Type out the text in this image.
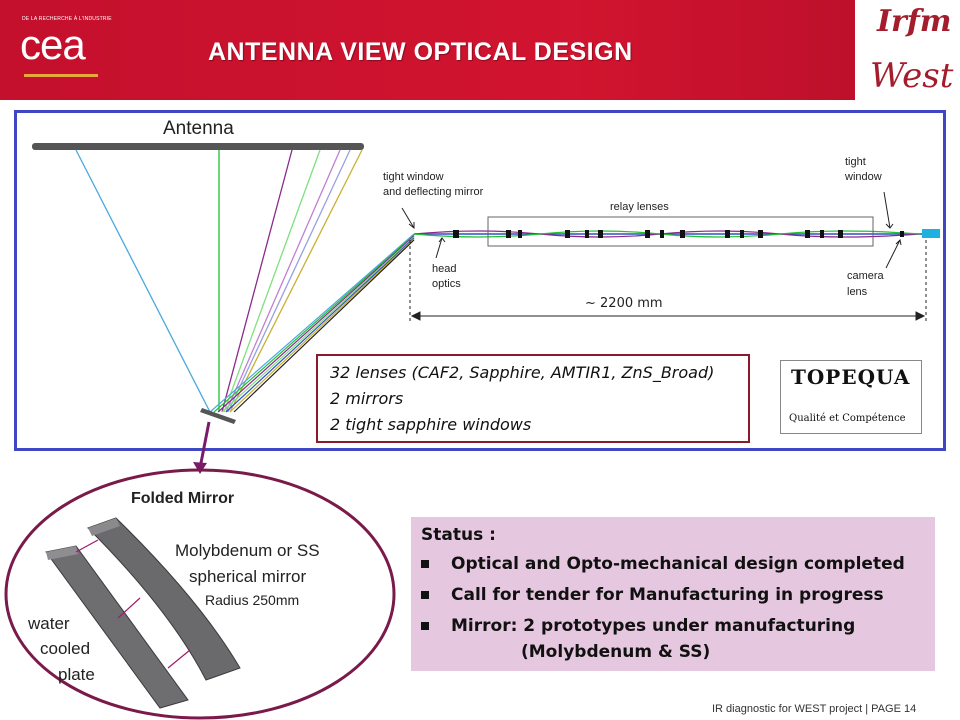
DE LA RECHERCHE À L'INDUSTRIE
cea	ANTENNA VIEW OPTICAL DESIGN
Irfm
West
Antenna
tight window
and deflecting mirror
tight
window
relay lenses
head
optics
camera
lens
~ 2200 mm
32 lenses (CAF2, Sapphire, AMTIR1, ZnS_Broad)
2 mirrors
2 tight sapphire windows
TOPEQUA
Qualité et Compétence
Folded Mirror
Molybdenum or SS
spherical mirror
Radius 250mm
water
cooled
plate
Status :
Optical and Opto-mechanical design completed
Call for tender for Manufacturing in progress
Mirror: 2 prototypes under manufacturing
(Molybdenum & SS)
IR diagnostic for WEST project | PAGE 14
